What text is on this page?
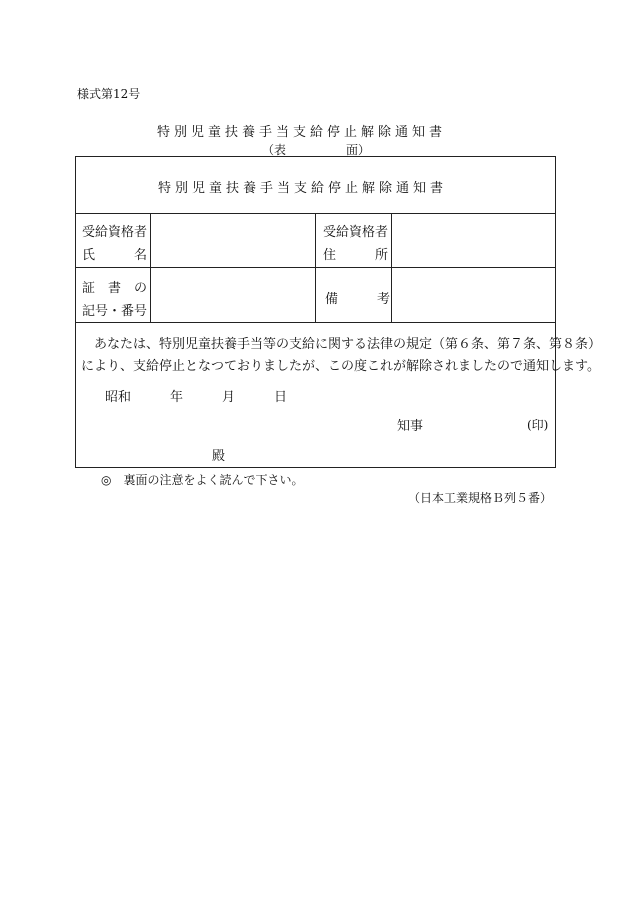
様式第12号
特別児童扶養手当支給停止解除通知書
（表　　　　　面）
特別児童扶養手当支給停止解除通知書
受給資格者
氏　　　名
受給資格者
住　　　所
証　書　の
記号・番号
備　　　考
あなたは、特別児童扶養手当等の支給に関する法律の規定（第６条、第７条、第８条）
により、支給停止となつておりましたが、この度これが解除されましたので通知します。
昭和　　　年　　　月　　　日
知事	(印)
殿
◎　裏面の注意をよく読んで下さい。
（日本工業規格Ｂ列５番）
